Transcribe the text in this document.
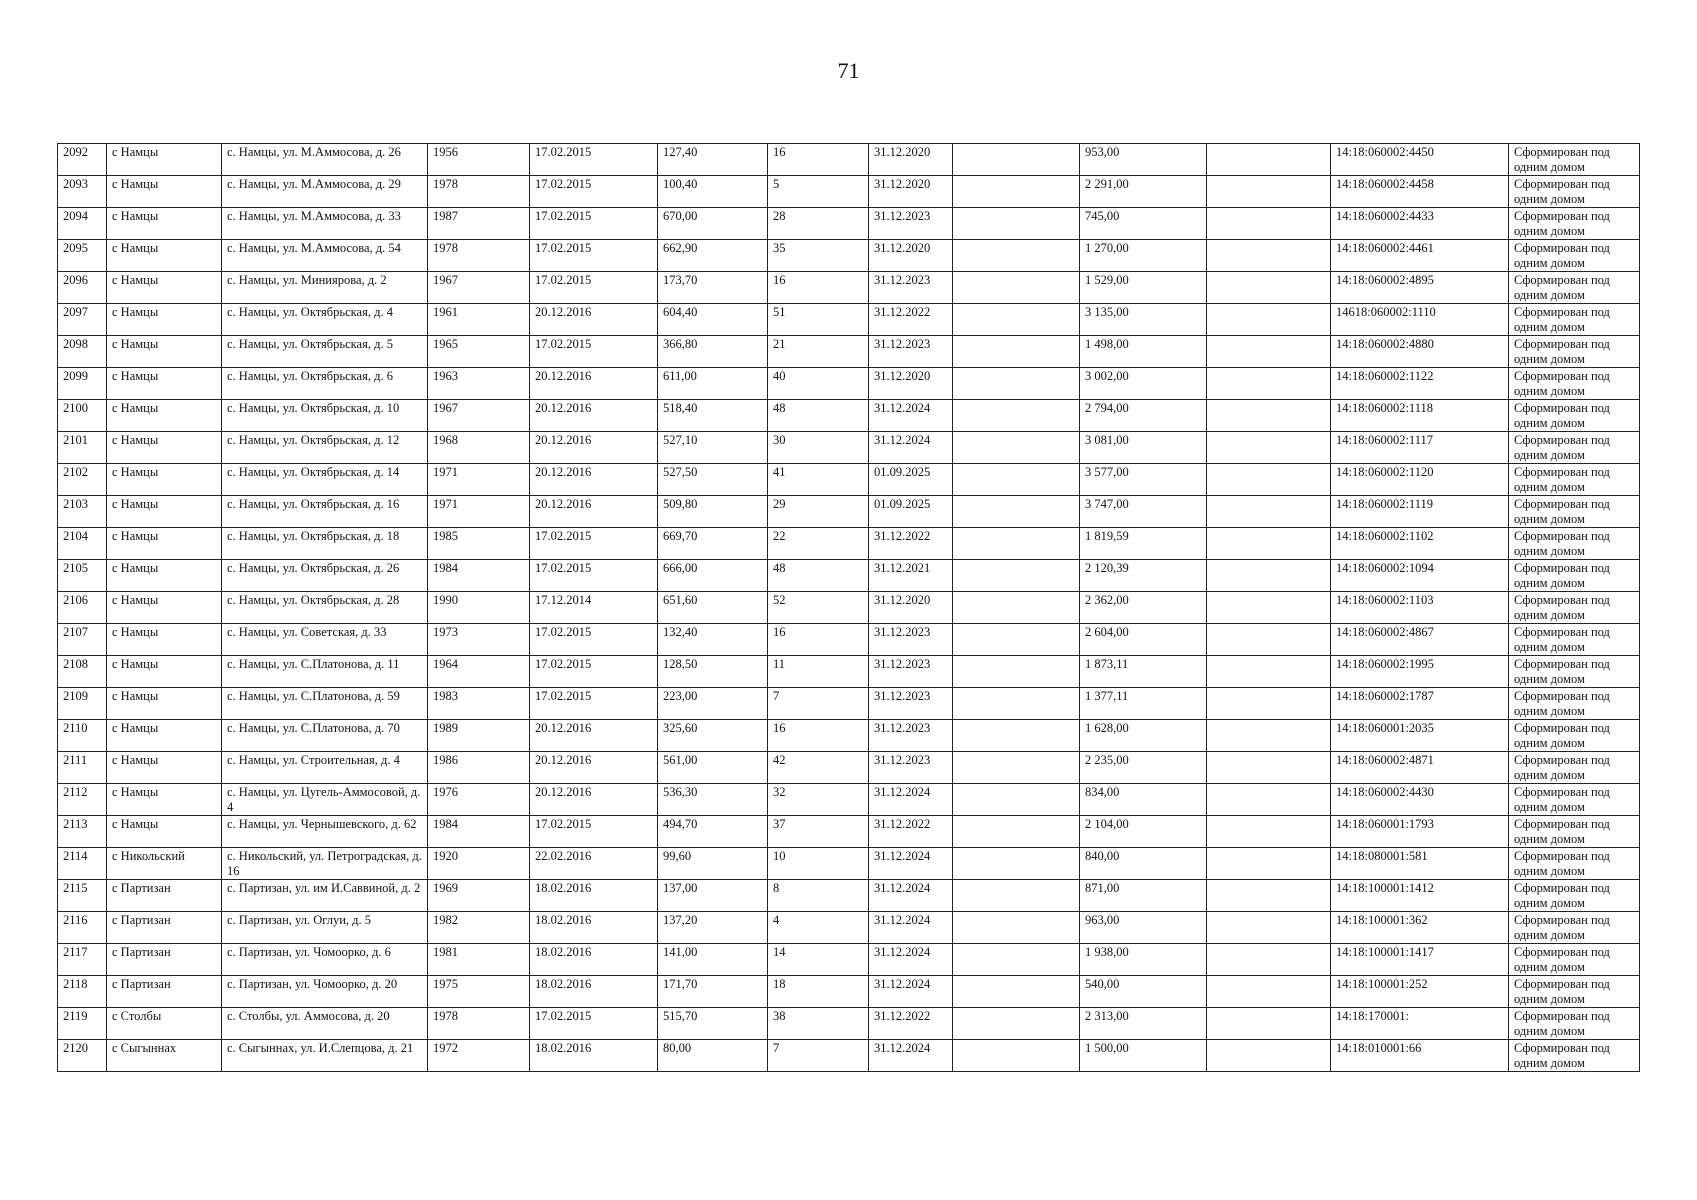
71
2092	с Намцы	с. Намцы, ул. М.Аммосова, д. 26	1956	17.02.2015	127,40	16	31.12.2020		953,00		14:18:060002:4450	Сформирован под одним домом
2093	с Намцы	с. Намцы, ул. М.Аммосова, д. 29	1978	17.02.2015	100,40	5	31.12.2020		2 291,00		14:18:060002:4458	Сформирован под одним домом
2094	с Намцы	с. Намцы, ул. М.Аммосова, д. 33	1987	17.02.2015	670,00	28	31.12.2023		745,00		14:18:060002:4433	Сформирован под одним домом
2095	с Намцы	с. Намцы, ул. М.Аммосова, д. 54	1978	17.02.2015	662,90	35	31.12.2020		1 270,00		14:18:060002:4461	Сформирован под одним домом
2096	с Намцы	с. Намцы, ул. Миниярова, д. 2	1967	17.02.2015	173,70	16	31.12.2023		1 529,00		14:18:060002:4895	Сформирован под одним домом
2097	с Намцы	с. Намцы, ул. Октябрьская, д. 4	1961	20.12.2016	604,40	51	31.12.2022		3 135,00		14618:060002:1110	Сформирован под одним домом
2098	с Намцы	с. Намцы, ул. Октябрьская, д. 5	1965	17.02.2015	366,80	21	31.12.2023		1 498,00		14:18:060002:4880	Сформирован под одним домом
2099	с Намцы	с. Намцы, ул. Октябрьская, д. 6	1963	20.12.2016	611,00	40	31.12.2020		3 002,00		14:18:060002:1122	Сформирован под одним домом
2100	с Намцы	с. Намцы, ул. Октябрьская, д. 10	1967	20.12.2016	518,40	48	31.12.2024		2 794,00		14:18:060002:1118	Сформирован под одним домом
2101	с Намцы	с. Намцы, ул. Октябрьская, д. 12	1968	20.12.2016	527,10	30	31.12.2024		3 081,00		14:18:060002:1117	Сформирован под одним домом
2102	с Намцы	с. Намцы, ул. Октябрьская, д. 14	1971	20.12.2016	527,50	41	01.09.2025		3 577,00		14:18:060002:1120	Сформирован под одним домом
2103	с Намцы	с. Намцы, ул. Октябрьская, д. 16	1971	20.12.2016	509,80	29	01.09.2025		3 747,00		14:18:060002:1119	Сформирован под одним домом
2104	с Намцы	с. Намцы, ул. Октябрьская, д. 18	1985	17.02.2015	669,70	22	31.12.2022		1 819,59		14:18:060002:1102	Сформирован под одним домом
2105	с Намцы	с. Намцы, ул. Октябрьская, д. 26	1984	17.02.2015	666,00	48	31.12.2021		2 120,39		14:18:060002:1094	Сформирован под одним домом
2106	с Намцы	с. Намцы, ул. Октябрьская, д. 28	1990	17.12.2014	651,60	52	31.12.2020		2 362,00		14:18:060002:1103	Сформирован под одним домом
2107	с Намцы	с. Намцы, ул. Советская, д. 33	1973	17.02.2015	132,40	16	31.12.2023		2 604,00		14:18:060002:4867	Сформирован под одним домом
2108	с Намцы	с. Намцы, ул. С.Платонова, д. 11	1964	17.02.2015	128,50	11	31.12.2023		1 873,11		14:18:060002:1995	Сформирован под одним домом
2109	с Намцы	с. Намцы, ул. С.Платонова, д. 59	1983	17.02.2015	223,00	7	31.12.2023		1 377,11		14:18:060002:1787	Сформирован под одним домом
2110	с Намцы	с. Намцы, ул. С.Платонова, д. 70	1989	20.12.2016	325,60	16	31.12.2023		1 628,00		14:18:060001:2035	Сформирован под одним домом
2111	с Намцы	с. Намцы, ул. Строительная, д. 4	1986	20.12.2016	561,00	42	31.12.2023		2 235,00		14:18:060002:4871	Сформирован под одним домом
2112	с Намцы	с. Намцы, ул. Цугель-Аммосовой, д. 4	1976	20.12.2016	536,30	32	31.12.2024		834,00		14:18:060002:4430	Сформирован под одним домом
2113	с Намцы	с. Намцы, ул. Чернышевского, д. 62	1984	17.02.2015	494,70	37	31.12.2022		2 104,00		14:18:060001:1793	Сформирован под одним домом
2114	с Никольский	с. Никольский, ул. Петроградская, д. 16	1920	22.02.2016	99,60	10	31.12.2024		840,00		14:18:080001:581	Сформирован под одним домом
2115	с Партизан	с. Партизан, ул. им И.Саввиной, д. 2	1969	18.02.2016	137,00	8	31.12.2024		871,00		14:18:100001:1412	Сформирован под одним домом
2116	с Партизан	с. Партизан, ул. Оглуи, д. 5	1982	18.02.2016	137,20	4	31.12.2024		963,00		14:18:100001:362	Сформирован под одним домом
2117	с Партизан	с. Партизан, ул. Чомоорко, д. 6	1981	18.02.2016	141,00	14	31.12.2024		1 938,00		14:18:100001:1417	Сформирован под одним домом
2118	с Партизан	с. Партизан, ул. Чомоорко, д. 20	1975	18.02.2016	171,70	18	31.12.2024		540,00		14:18:100001:252	Сформирован под одним домом
2119	с Столбы	с. Столбы, ул. Аммосова, д. 20	1978	17.02.2015	515,70	38	31.12.2022		2 313,00		14:18:170001:	Сформирован под одним домом
2120	с Сыгыннах	с. Сыгыннах, ул. И.Слепцова, д. 21	1972	18.02.2016	80,00	7	31.12.2024		1 500,00		14:18:010001:66	Сформирован под одним домом
